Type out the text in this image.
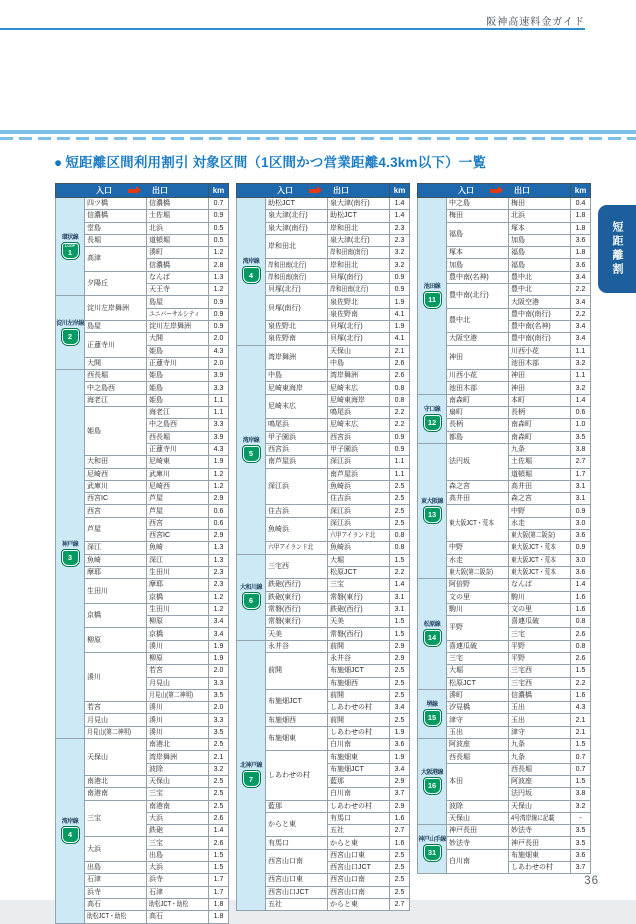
阪神高速料金ガイド
● 短距離区間利用割引 対象区間（1区間かつ営業距離4.3km以下）一覧
入口 出口			km

環状線
LOOP
1	四ツ橋	信濃橋	0.7
	信濃橋	土佐堀	0.9
	堂島	北浜	0.5
	長堀	道頓堀	0.5
	高津	湊町	1.2
		信濃橋	2.8
	夕陽丘	なんば	1.3
		天王寺	1.2

淀川左岸線
2	淀川左岸舞洲	島屋	0.9
		ユニバーサルシティ	0.9
	島屋	淀川左岸舞洲	0.9
	正蓮寺川	大開	2.0
		姫島	4.3
	大開	正蓮寺川	2.0

神戸線
3	西長堀	姫島	3.9
	中之島西	姫島	3.3
	海老江	姫島	1.1
	姫島	海老江	1.1
		中之島西	3.3
		西長堀	3.9
		正蓮寺川	4.3
	大和田	尼崎東	1.9
	尼崎西	武庫川	1.2
	武庫川	尼崎西	1.2
	西宮IC	芦屋	2.9
	西宮	芦屋	0.6
	芦屋	西宮	0.6
		西宮IC	2.9
	深江	魚崎	1.3
	魚崎	深江	1.3
	摩耶	生田川	2.3
	生田川	摩耶	2.3
		京橋	1.2
	京橋	生田川	1.2
		柳原	3.4
	柳原	京橋	3.4
		湊川	1.9
	湊川	柳原	1.9
		若宮	2.0
		月見山	3.3
		月見山(第二神明)	3.5
	若宮	湊川	2.0
	月見山	湊川	3.3
	月見山(第二神明)	湊川	3.5

湾岸線
4	天保山	南港北	2.5
		湾岸舞洲	2.1
		波除	3.2
	南港北	天保山	2.5
	南港南	三宝	2.5
	三宝	南港南	2.5
		大浜	2.6
		鉄砲	1.4
	大浜	三宝	2.6
		出島	1.5
	出島	大浜	1.5
	石津	浜寺	1.7
	浜寺	石津	1.7
	高石	助松JCT・助松	1.8
	助松JCT・助松	高石	1.8
入口 出口			km

湾岸線
4	助松JCT	泉大津(南行)	1.4
	泉大津(北行)	助松JCT	1.4
	泉大津(南行)	岸和田北	2.3
	岸和田北	泉大津(北行)	2.3
		岸和田南(南行)	3.2
	岸和田南(北行)	岸和田北	3.2
	岸和田南(南行)	貝塚(南行)	0.9
	貝塚(北行)	岸和田南(北行)	0.9
	貝塚(南行)	泉佐野北	1.9
		泉佐野南	4.1
	泉佐野北	貝塚(北行)	1.9
	泉佐野南	貝塚(北行)	4.1

湾岸線
5	湾岸舞洲	天保山	2.1
		中島	2.6
	中島	湾岸舞洲	2.6
	尼崎東海岸	尼崎末広	0.8
	尼崎末広	尼崎東海岸	0.8
		鳴尾浜	2.2
	鳴尾浜	尼崎末広	2.2
	甲子園浜	西宮浜	0.9
	西宮浜	甲子園浜	0.9
	南芦屋浜	深江浜	1.1
	深江浜	南芦屋浜	1.1
		魚崎浜	2.5
		住吉浜	2.5
	住吉浜	深江浜	2.5
	魚崎浜	深江浜	2.5
		六甲アイランド北	0.8
	六甲アイランド北	魚崎浜	0.8

大和川線
6	三宅西	大堀	1.5
		松原JCT	2.2
	鉄砲(西行)	三宝	1.4
	鉄砲(東行)	常磐(東行)	3.1
	常磐(西行)	鉄砲(西行)	3.1
	常磐(東行)	天美	1.5
	天美	常磐(西行)	1.5

北神戸線
7	永井谷	前開	2.9
	前開	永井谷	2.9
		布施畑JCT	2.5
		布施畑西	2.5
	布施畑JCT	前開	2.5
		しあわせの村	3.4
	布施畑西	前開	2.5
	布施畑東	しあわせの村	1.9
		白川南	3.6
	しあわせの村	布施畑東	1.9
		布施畑JCT	3.4
		藍那	2.9
		白川南	3.7
	藍那	しあわせの村	2.9
	からと東	有馬口	1.6
		五社	2.7
	有馬口	からと東	1.6
	西宮山口南	西宮山口東	2.5
		西宮山口JCT	2.5
	西宮山口東	西宮山口南	2.5
	西宮山口JCT	西宮山口南	2.5
	五社	からと東	2.7
入口 出口			km

池田線
11	中之島	梅田	0.4
	梅田	北浜	1.8
	福島	塚本	1.8
		加島	3.6
	塚本	福島	1.8
	加島	福島	3.6
	豊中南(名神)	豊中北	3.4
	豊中南(北行)	豊中北	2.2
		大阪空港	3.4
	豊中北	豊中南(南行)	2.2
		豊中南(名神)	3.4
	大阪空港	豊中南(南行)	3.4
	神田	川西小花	1.1
		池田木部	3.2
	川西小花	神田	1.1
	池田木部	神田	3.2

守口線
12	南森町	本町	1.4
	扇町	長柄	0.6
	長柄	南森町	1.0
	都島	南森町	3.5

東大阪線
13	法円坂	九条	3.8
		土佐堀	2.7
		道頓堀	1.7
	森之宮	高井田	3.1
	高井田	森之宮	3.1
	東大阪JCT・荒本	中野	0.9
		水走	3.0
		東大阪(第二阪奈)	3.6
	中野	東大阪JCT・荒本	0.9
	水走	東大阪JCT・荒本	3.0
	東大阪(第二阪奈)	東大阪JCT・荒本	3.6

松原線
14	阿倍野	なんば	1.4
	文の里	駒川	1.6
	駒川	文の里	1.6
	平野	喜連瓜破	0.8
		三宅	2.6
	喜連瓜破	平野	0.8
	三宅	平野	2.6
	大堀	三宅西	1.5
	松原JCT	三宅西	2.2

堺線
15	湊町	信濃橋	1.6
	汐見橋	玉出	4.3
	津守	玉出	2.1
	玉出	津守	2.1

大阪港線
16	阿波座	九条	1.5
	西長堀	九条	0.7
	本田	西長堀	0.7
		阿波座	1.5
		法円坂	3.8
	波除	天保山	3.2
	天保山	4号湾岸線に記載	-

神戸山手線
31	神戸長田	妙法寺	3.5
	妙法寺	神戸長田	3.5
	白川南	布施畑東	3.6
		しあわせの村	3.7
短距離割
36
